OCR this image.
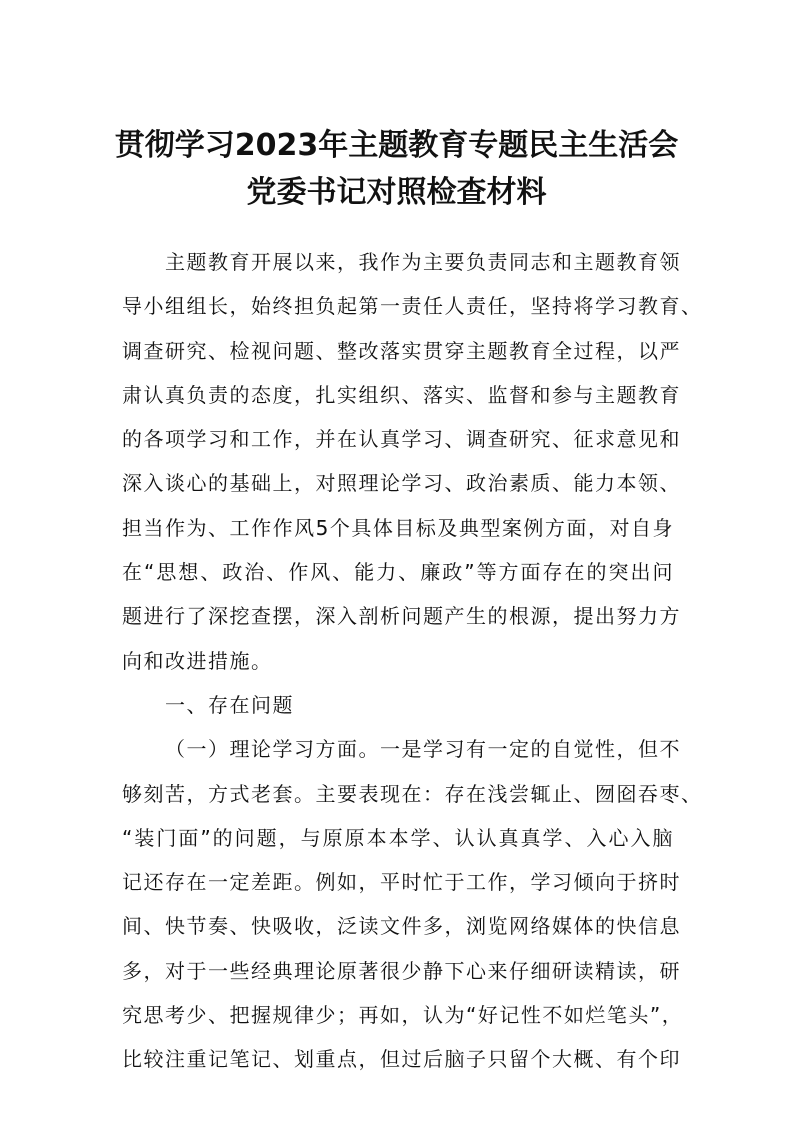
贯彻学习2023年主题教育专题民主生活会
党委书记对照检查材料
主题教育开展以来，我作为主要负责同志和主题教育领
导小组组长，始终担负起第一责任人责任，坚持将学习教育、
调查研究、检视问题、整改落实贯穿主题教育全过程，以严
肃认真负责的态度，扎实组织、落实、监督和参与主题教育
的各项学习和工作，并在认真学习、调查研究、征求意见和
深入谈心的基础上，对照理论学习、政治素质、能力本领、
担当作为、工作作风5个具体目标及典型案例方面，对自身
在“思想、政治、作风、能力、廉政”等方面存在的突出问
题进行了深挖查摆，深入剖析问题产生的根源，提出努力方
向和改进措施。
一、存在问题
（一）理论学习方面。一是学习有一定的自觉性，但不
够刻苦，方式老套。主要表现在：存在浅尝辄止、囫囵吞枣、
“装门面”的问题，与原原本本学、认认真真学、入心入脑
记还存在一定差距。例如，平时忙于工作，学习倾向于挤时
间、快节奏、快吸收，泛读文件多，浏览网络媒体的快信息
多，对于一些经典理论原著很少静下心来仔细研读精读，研
究思考少、把握规律少；再如，认为“好记性不如烂笔头”，
比较注重记笔记、划重点，但过后脑子只留个大概、有个印
